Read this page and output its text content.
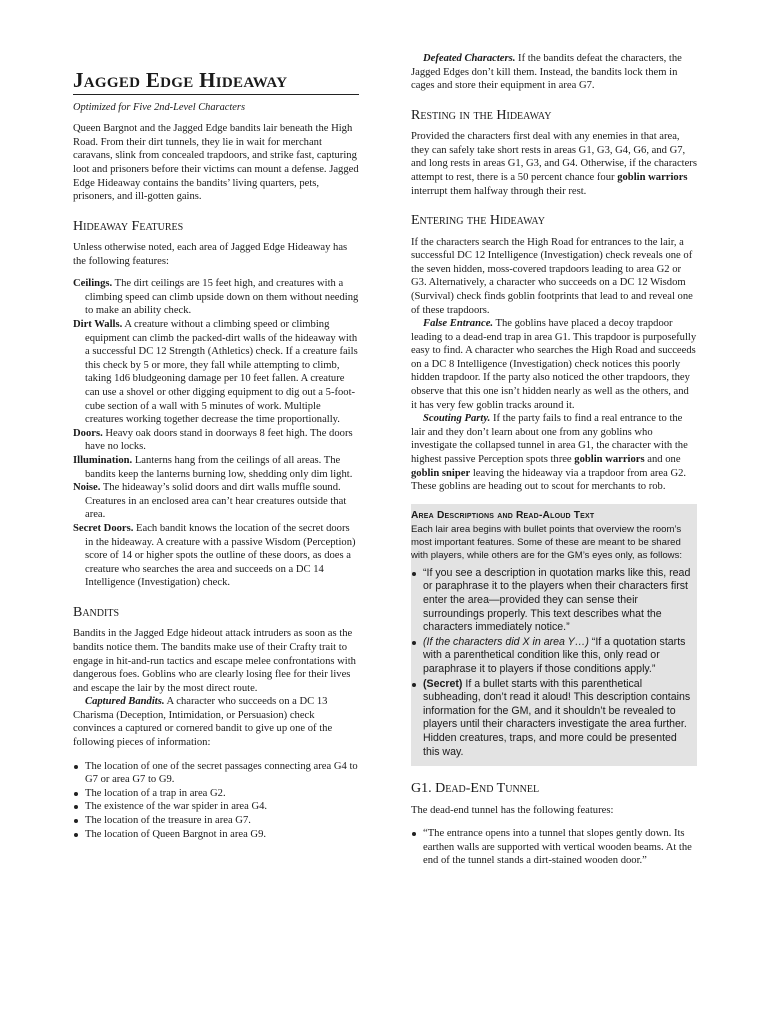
Jagged Edge Hideaway
Optimized for Five 2nd-Level Characters

Queen Bargnot and the Jagged Edge bandits lair beneath the High Road. From their dirt tunnels, they lie in wait for merchant caravans, slink from concealed trapdoors, and strike fast, capturing loot and prisoners before their victims can mount a defense. Jagged Edge Hideaway contains the bandits’ living quarters, pets, prisoners, and ill-gotten gains.

Hideaway Features

Unless otherwise noted, each area of Jagged Edge Hideaway has the following features:

Ceilings. The dirt ceilings are 15 feet high, and creatures with a climbing speed can climb upside down on them without needing to make an ability check.
Dirt Walls. A creature without a climbing speed or climbing equipment can climb the packed-dirt walls of the hideaway with a successful DC 12 Strength (Athletics) check. If a creature fails this check by 5 or more, they fall while attempting to climb, taking 1d6 bludgeoning damage per 10 feet fallen. A creature can use a shovel or other digging equipment to dig out a 5-foot-cube section of a wall with 5 minutes of work. Multiple creatures working together decrease the time proportionally.
Doors. Heavy oak doors stand in doorways 8 feet high. The doors have no locks.
Illumination. Lanterns hang from the ceilings of all areas. The bandits keep the lanterns burning low, shedding only dim light.
Noise. The hideaway’s solid doors and dirt walls muffle sound. Creatures in an enclosed area can’t hear creatures outside that area.
Secret Doors. Each bandit knows the location of the secret doors in the hideaway. A creature with a passive Wisdom (Perception) score of 14 or higher spots the outline of these doors, as does a creature who searches the area and succeeds on a DC 14 Intelligence (Investigation) check.
Bandits

Bandits in the Jagged Edge hideout attack intruders as soon as the bandits notice them. The bandits make use of their Crafty trait to engage in hit-and-run tactics and escape melee confrontations with dangerous foes. Goblins who are clearly losing flee for their lives and escape the lair by the most direct route.

Captured Bandits. A character who succeeds on a DC 13 Charisma (Deception, Intimidation, or Persuasion) check convinces a captured or cornered bandit to give up one of the following pieces of information:

The location of one of the secret passages connecting area G4 to G7 or area G7 to G9.
The location of a trap in area G2.
The existence of the war spider in area G4.
The location of the treasure in area G7.
The location of Queen Bargnot in area G9.

Defeated Characters. If the bandits defeat the characters, the Jagged Edges don’t kill them. Instead, the bandits lock them in cages and store their equipment in area G7.

Resting in the Hideaway

Provided the characters first deal with any enemies in that area, they can safely take short rests in areas G1, G3, G4, G6, and G7, and long rests in areas G1, G3, and G4. Otherwise, if the characters attempt to rest, there is a 50 percent chance four goblin warriors interrupt them halfway through their rest.

Entering the Hideaway

If the characters search the High Road for entrances to the lair, a successful DC 12 Intelligence (Investigation) check reveals one of the seven hidden, moss-covered trapdoors leading to area G2 or G3. Alternatively, a character who succeeds on a DC 12 Wisdom (Survival) check finds goblin footprints that lead to and reveal one of these trapdoors.

False Entrance. The goblins have placed a decoy trapdoor leading to a dead-end trap in area G1. This trapdoor is purposefully easy to find. A character who searches the High Road and succeeds on a DC 8 Intelligence (Investigation) check notices this poorly hidden trapdoor. If the party also noticed the other trapdoors, they observe that this one isn’t hidden nearly as well as the others, and it has very few goblin tracks around it.

Scouting Party. If the party fails to find a real entrance to the lair and they don’t learn about one from any goblins who investigate the collapsed tunnel in area G1, the character with the highest passive Perception spots three goblin warriors and one goblin sniper leaving the hideaway via a trapdoor from area G2. These goblins are heading out to scout for merchants to rob.

Area Descriptions and Read-Aloud Text

Each lair area begins with bullet points that overview the room’s most important features. Some of these are meant to be shared with players, while others are for the GM’s eyes only, as follows:

“If you see a description in quotation marks like this, read or paraphrase it to the players when their characters first enter the area—provided they can sense their surroundings properly. This text describes what the characters immediately notice.”
(If the characters did X in area Y…) “If a quotation starts with a parenthetical condition like this, only read or paraphrase it to players if those conditions apply.”
(Secret) If a bullet starts with this parenthetical subheading, don’t read it aloud! This description contains information for the GM, and it shouldn’t be revealed to players until their characters investigate the area further. Hidden creatures, traps, and more could be presented this way.
G1. Dead-End Tunnel

The dead-end tunnel has the following features:

“The entrance opens into a tunnel that slopes gently down. Its earthen walls are supported with vertical wooden beams. At the end of the tunnel stands a dirt-stained wooden door.”
